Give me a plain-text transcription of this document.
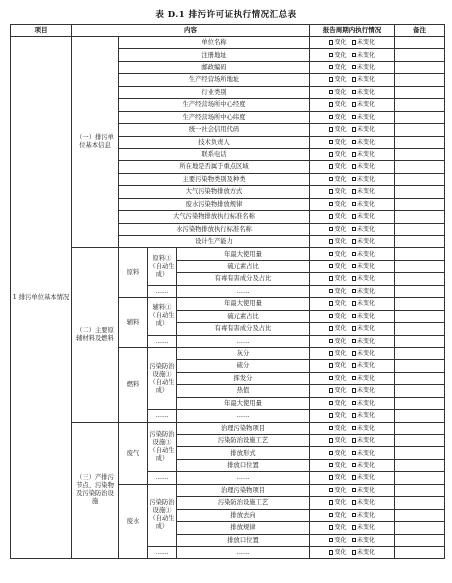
表 D.1 排污许可证执行情况汇总表
项目	内容				报告周期内执行情况	备注
1 排污单位基本情况	（一）排污单位基本信息	单位名称			变化 未变化	
		注册地址			变化 未变化	
		邮政编码			变化 未变化	
		生产经营场所地址			变化 未变化	
		行业类别			变化 未变化	
		生产经营场所中心经度			变化 未变化	
		生产经营场所中心纬度			变化 未变化	
		统一社会信用代码			变化 未变化	
		技术负责人			变化 未变化	
		联系电话			变化 未变化	
		所在地是否属于重点区域			变化 未变化	
		主要污染物类别及种类			变化 未变化	
		大气污染物排放方式			变化 未变化	
		废水污染物排放规律			变化 未变化	
		大气污染物排放执行标准名称			变化 未变化	
		水污染物排放执行标准名称			变化 未变化	
		设计生产能力			变化 未变化	
	（二）主要原辅材料及燃料	原料	原料①（自动生成）	年最大使用量	变化 未变化	
				硫元素占比	变化 未变化	
				有毒有害成分及占比	变化 未变化	
			……	……	变化 未变化	
		辅料	辅料①（自动生成）	年最大使用量	变化 未变化	
				硫元素占比	变化 未变化	
				有毒有害成分及占比	变化 未变化	
			……	……	变化 未变化	
		燃料	污染防治设施①（自动生成）	灰分	变化 未变化	
				硫分	变化 未变化	
				挥发分	变化 未变化	
				热值	变化 未变化	
				年最大使用量	变化 未变化	
			……	……	变化 未变化	
	（三）产排污节点、污染物及污染防治设施	废气	污染防治设施①（自动生成）	治理污染物项目	变化 未变化	
				污染防治设施工艺	变化 未变化	
				排放形式	变化 未变化	
				排放口位置	变化 未变化	
			……	……	变化 未变化	
		废水	污染防治设施①（自动生成）	治理污染物项目	变化 未变化	
				污染防治设施工艺	变化 未变化	
				排放去向	变化 未变化	
				排放规律	变化 未变化	
				排放口位置	变化 未变化	
			……	……	变化 未变化	
